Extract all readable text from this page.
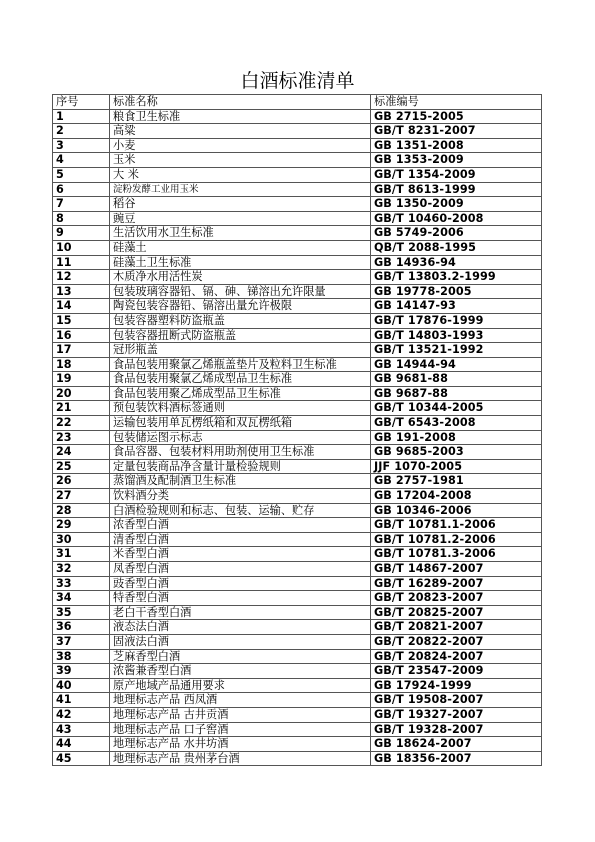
白酒标准清单
序号	标准名称	标准编号
1	粮食卫生标准	GB 2715-2005
2	高粱	GB/T 8231-2007
3	小麦	GB 1351-2008
4	玉米	GB 1353-2009
5	大 米	GB/T 1354-2009
6	淀粉发酵工业用玉米	GB/T 8613-1999
7	稻谷	GB 1350-2009
8	豌豆	GB/T 10460-2008
9	生活饮用水卫生标准	GB 5749-2006
10	硅藻土	QB/T 2088-1995
11	硅藻土卫生标准	GB 14936-94
12	木质净水用活性炭	GB/T 13803.2-1999
13	包装玻璃容器铅、镉、砷、锑溶出允许限量	GB 19778-2005
14	陶瓷包装容器铅、镉溶出量允许极限	GB 14147-93
15	包装容器塑料防盗瓶盖	GB/T 17876-1999
16	包装容器扭断式防盗瓶盖	GB/T 14803-1993
17	冠形瓶盖	GB/T 13521-1992
18	食品包装用聚氯乙烯瓶盖垫片及粒料卫生标准	GB 14944-94
19	食品包装用聚氯乙烯成型品卫生标准	GB 9681-88
20	食品包装用聚乙烯成型品卫生标准	GB 9687-88
21	预包装饮料酒标签通则	GB/T 10344-2005
22	运输包装用单瓦楞纸箱和双瓦楞纸箱	GB/T 6543-2008
23	包装储运图示标志	GB 191-2008
24	食品容器、包装材料用助剂使用卫生标准	GB 9685-2003
25	定量包装商品净含量计量检验规则	JJF 1070-2005
26	蒸馏酒及配制酒卫生标准	GB 2757-1981
27	饮料酒分类	GB 17204-2008
28	白酒检验规则和标志、包装、运输、贮存	GB 10346-2006
29	浓香型白酒	GB/T 10781.1-2006
30	清香型白酒	GB/T 10781.2-2006
31	米香型白酒	GB/T 10781.3-2006
32	凤香型白酒	GB/T 14867-2007
33	豉香型白酒	GB/T 16289-2007
34	特香型白酒	GB/T 20823-2007
35	老白干香型白酒	GB/T 20825-2007
36	液态法白酒	GB/T 20821-2007
37	固液法白酒	GB/T 20822-2007
38	芝麻香型白酒	GB/T 20824-2007
39	浓酱兼香型白酒	GB/T 23547-2009
40	原产地域产品通用要求	GB 17924-1999
41	地理标志产品 西凤酒	GB/T 19508-2007
42	地理标志产品 古井贡酒	GB/T 19327-2007
43	地理标志产品 口子窖酒	GB/T 19328-2007
44	地理标志产品 水井坊酒	GB 18624-2007
45	地理标志产品 贵州茅台酒	GB 18356-2007
